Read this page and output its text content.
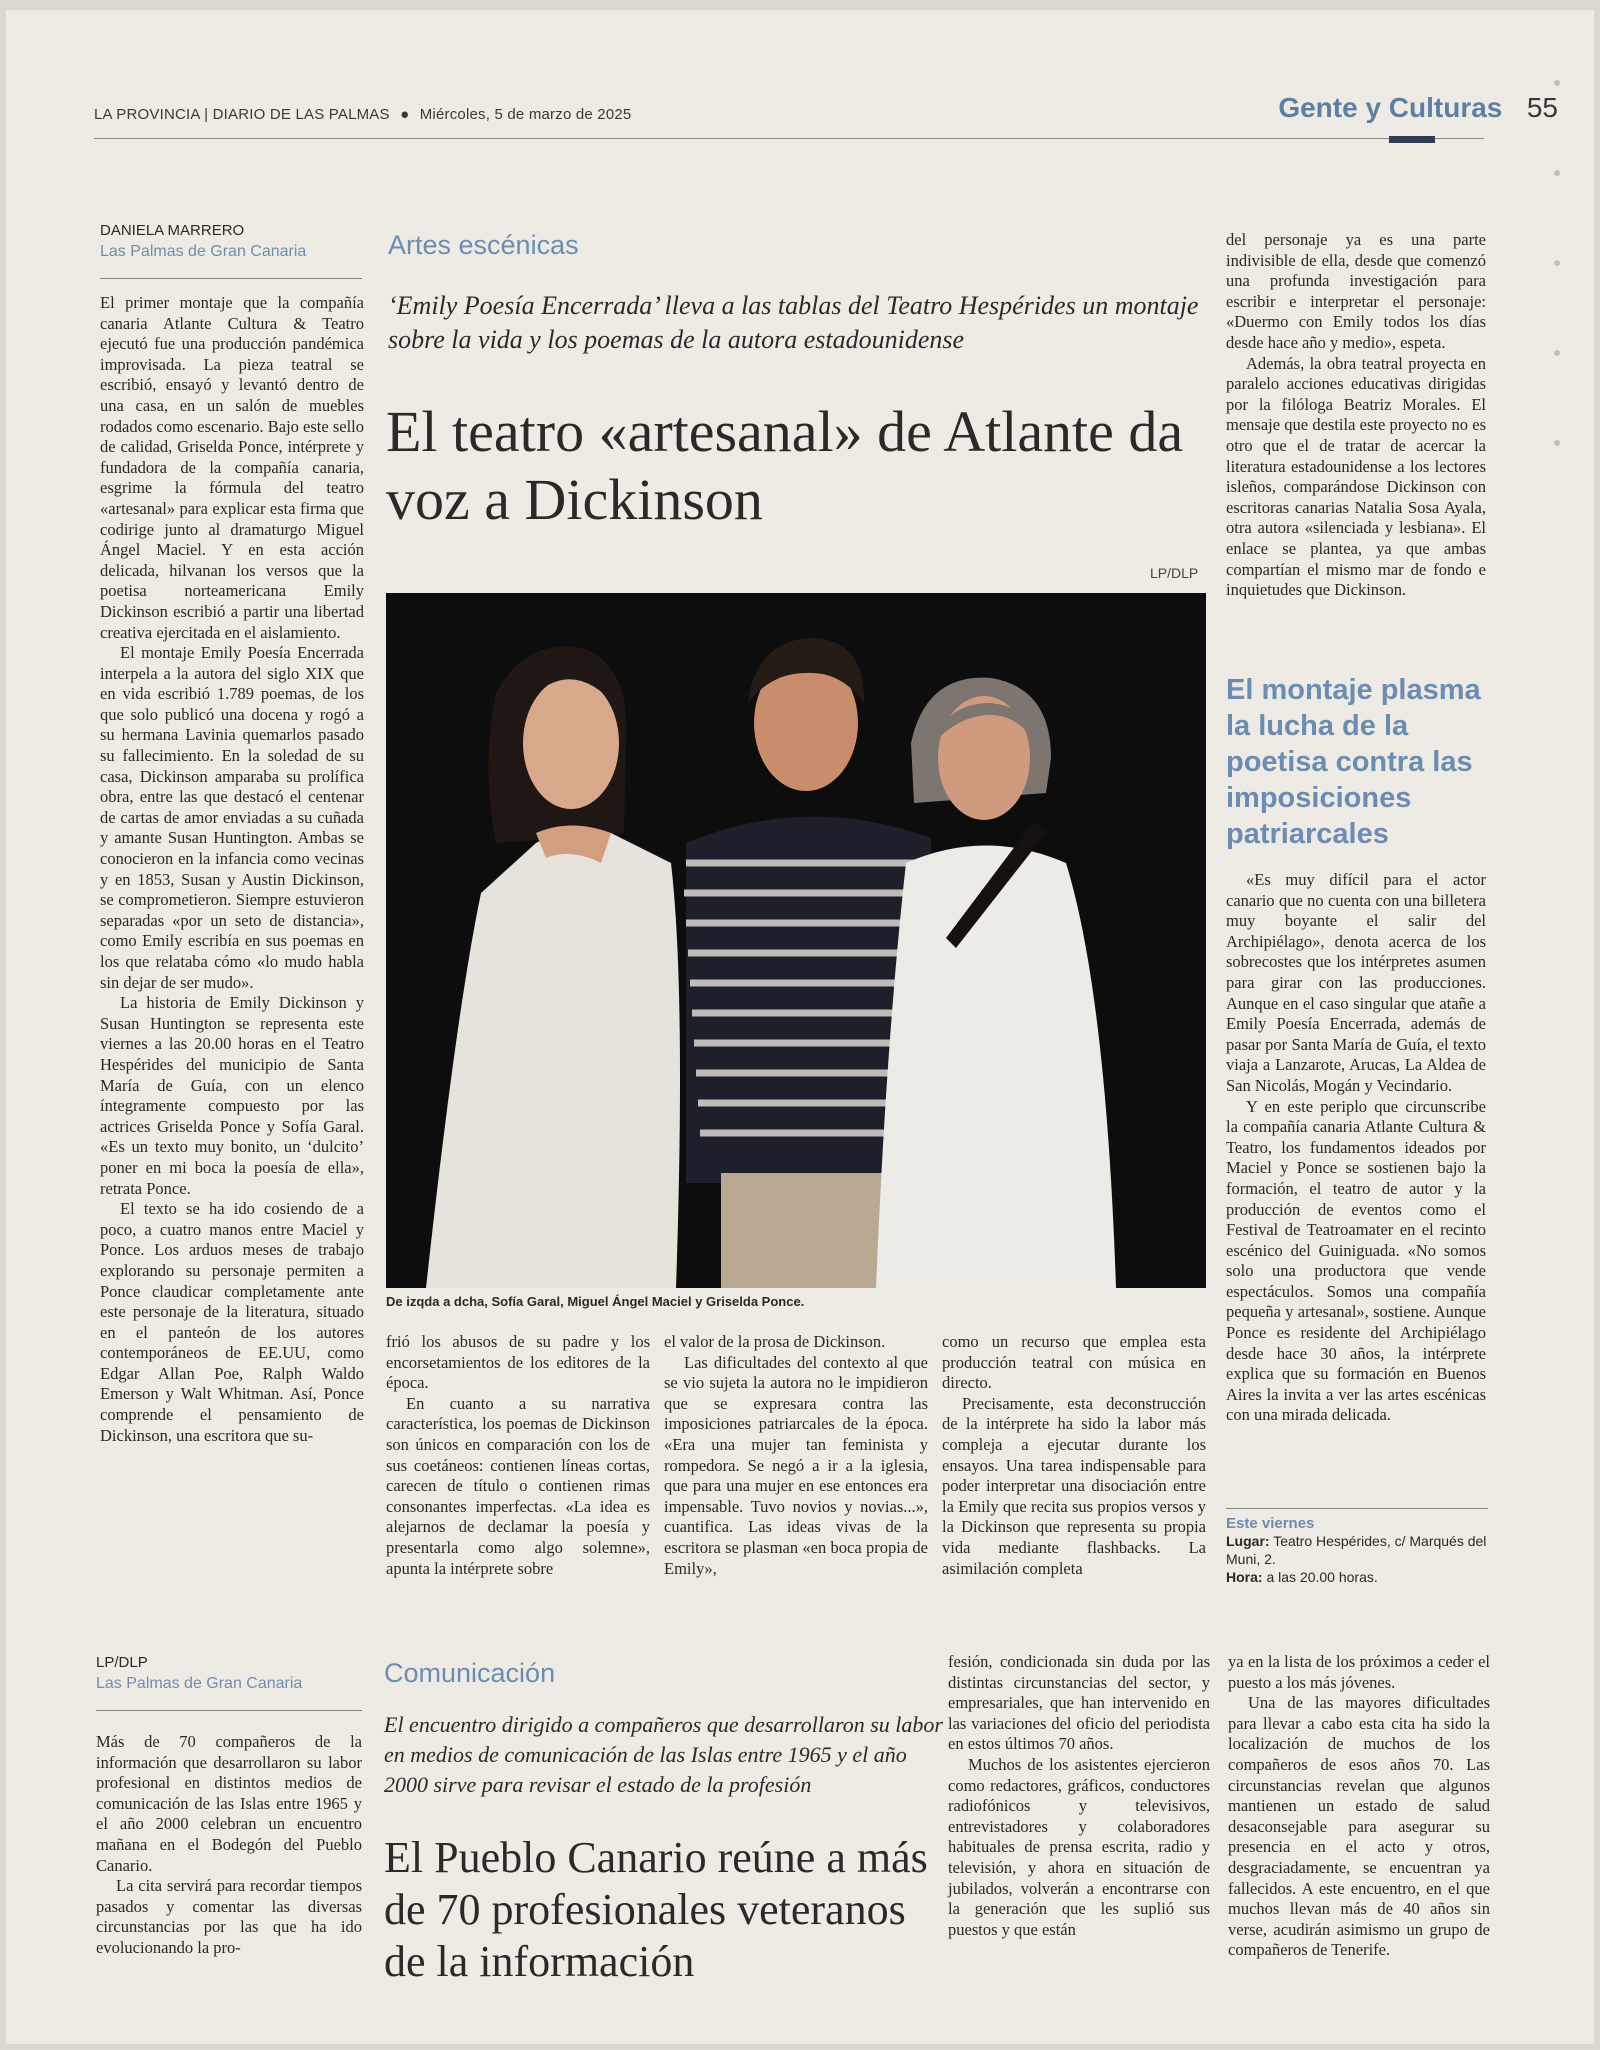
LA PROVINCIA | DIARIO DE LAS PALMAS ● Miércoles, 5 de marzo de 2025	Gente y Culturas 55
DANIELA MARRERO
Las Palmas de Gran Canaria

El primer montaje que la compañía canaria Atlante Cultura & Teatro ejecutó fue una producción pandémica improvisada. La pieza teatral se escribió, ensayó y levantó dentro de una casa, en un salón de muebles rodados como escenario. Bajo este sello de calidad, Griselda Ponce, intérprete y fundadora de la compañía canaria, esgrime la fórmula del teatro «artesanal» para explicar esta firma que codirige junto al dramaturgo Miguel Ángel Maciel. Y en esta acción delicada, hilvanan los versos que la poetisa norteamericana Emily Dickinson escribió a partir una libertad creativa ejercitada en el aislamiento.

El montaje Emily Poesía Encerrada interpela a la autora del siglo XIX que en vida escribió 1.789 poemas, de los que solo publicó una docena y rogó a su hermana Lavinia quemarlos pasado su fallecimiento. En la soledad de su casa, Dickinson amparaba su prolífica obra, entre las que destacó el centenar de cartas de amor enviadas a su cuñada y amante Susan Huntington. Ambas se conocieron en la infancia como vecinas y en 1853, Susan y Austin Dickinson, se comprometieron. Siempre estuvieron separadas «por un seto de distancia», como Emily escribía en sus poemas en los que relataba cómo «lo mudo habla sin dejar de ser mudo».

La historia de Emily Dickinson y Susan Huntington se representa este viernes a las 20.00 horas en el Teatro Hespérides del municipio de Santa María de Guía, con un elenco íntegramente compuesto por las actrices Griselda Ponce y Sofía Garal. «Es un texto muy bonito, un ‘dulcito’ poner en mi boca la poesía de ella», retrata Ponce.

El texto se ha ido cosiendo de a poco, a cuatro manos entre Maciel y Ponce. Los arduos meses de trabajo explorando su personaje permiten a Ponce claudicar completamente ante este personaje de la literatura, situado en el panteón de los autores contemporáneos de EE.UU, como Edgar Allan Poe, Ralph Waldo Emerson y Walt Whitman. Así, Ponce comprende el pensamiento de Dickinson, una escritora que su-

Artes escénicas
‘Emily Poesía Encerrada’ lleva a las tablas del Teatro Hespérides un montaje sobre la vida y los poemas de la autora estadounidense
El teatro «artesanal» de Atlante da voz a Dickinson
LP/DLP
De izqda a dcha, Sofía Garal, Miguel Ángel Maciel y Griselda Ponce.

frió los abusos de su padre y los encorsetamientos de los editores de la época.

En cuanto a su narrativa característica, los poemas de Dickinson son únicos en comparación con los de sus coetáneos: contienen líneas cortas, carecen de título o contienen rimas consonantes imperfectas. «La idea es alejarnos de declamar la poesía y presentarla como algo solemne», apunta la intérprete sobre

el valor de la prosa de Dickinson.

Las dificultades del contexto al que se vio sujeta la autora no le impidieron que se expresara contra las imposiciones patriarcales de la época. «Era una mujer tan feminista y rompedora. Se negó a ir a la iglesia, que para una mujer en ese entonces era impensable. Tuvo novios y novias...», cuantifica. Las ideas vivas de la escritora se plasman «en boca propia de Emily»,

como un recurso que emplea esta producción teatral con música en directo.

Precisamente, esta deconstrucción de la intérprete ha sido la labor más compleja a ejecutar durante los ensayos. Una tarea indispensable para poder interpretar una disociación entre la Emily que recita sus propios versos y la Dickinson que representa su propia vida mediante flashbacks. La asimilación completa

del personaje ya es una parte indivisible de ella, desde que comenzó una profunda investigación para escribir e interpretar el personaje: «Duermo con Emily todos los días desde hace año y medio», espeta.

Además, la obra teatral proyecta en paralelo acciones educativas dirigidas por la filóloga Beatriz Morales. El mensaje que destila este proyecto no es otro que el de tratar de acercar la literatura estadounidense a los lectores isleños, comparándose Dickinson con escritoras canarias Natalia Sosa Ayala, otra autora «silenciada y lesbiana». El enlace se plantea, ya que ambas compartían el mismo mar de fondo e inquietudes que Dickinson.

El montaje plasma la lucha de la poetisa contra las imposiciones patriarcales

«Es muy difícil para el actor canario que no cuenta con una billetera muy boyante el salir del Archipiélago», denota acerca de los sobrecostes que los intérpretes asumen para girar con las producciones. Aunque en el caso singular que atañe a Emily Poesía Encerrada, además de pasar por Santa María de Guía, el texto viaja a Lanzarote, Arucas, La Aldea de San Nicolás, Mogán y Vecindario.

Y en este periplo que circunscribe la compañía canaria Atlante Cultura & Teatro, los fundamentos ideados por Maciel y Ponce se sostienen bajo la formación, el teatro de autor y la producción de eventos como el Festival de Teatroamater en el recinto escénico del Guiniguada. «No somos solo una productora que vende espectáculos. Somos una compañía pequeña y artesanal», sostiene. Aunque Ponce es residente del Archipiélago desde hace 30 años, la intérprete explica que su formación en Buenos Aires la invita a ver las artes escénicas con una mirada delicada.

Este viernes
Lugar: Teatro Hespérides, c/ Marqués del Muni, 2.
Hora: a las 20.00 horas.
LP/DLP
Las Palmas de Gran Canaria

Más de 70 compañeros de la información que desarrollaron su labor profesional en distintos medios de comunicación de las Islas entre 1965 y el año 2000 celebran un encuentro mañana en el Bodegón del Pueblo Canario.

La cita servirá para recordar tiempos pasados y comentar las diversas circunstancias por las que ha ido evolucionando la pro-

Comunicación
El encuentro dirigido a compañeros que desarrollaron su labor en medios de comunicación de las Islas entre 1965 y el año 2000 sirve para revisar el estado de la profesión
El Pueblo Canario reúne a más de 70 profesionales veteranos de la información

fesión, condicionada sin duda por las distintas circunstancias del sector, y empresariales, que han intervenido en las variaciones del oficio del periodista en estos últimos 70 años.

Muchos de los asistentes ejercieron como redactores, gráficos, conductores radiofónicos y televisivos, entrevistadores y colaboradores habituales de prensa escrita, radio y televisión, y ahora en situación de jubilados, volverán a encontrarse con la generación que les suplió sus puestos y que están

ya en la lista de los próximos a ceder el puesto a los más jóvenes.

Una de las mayores dificultades para llevar a cabo esta cita ha sido la localización de muchos de los compañeros de esos años 70. Las circunstancias revelan que algunos mantienen un estado de salud desaconsejable para asegurar su presencia en el acto y otros, desgraciadamente, se encuentran ya fallecidos. A este encuentro, en el que muchos llevan más de 40 años sin verse, acudirán asimismo un grupo de compañeros de Tenerife.
